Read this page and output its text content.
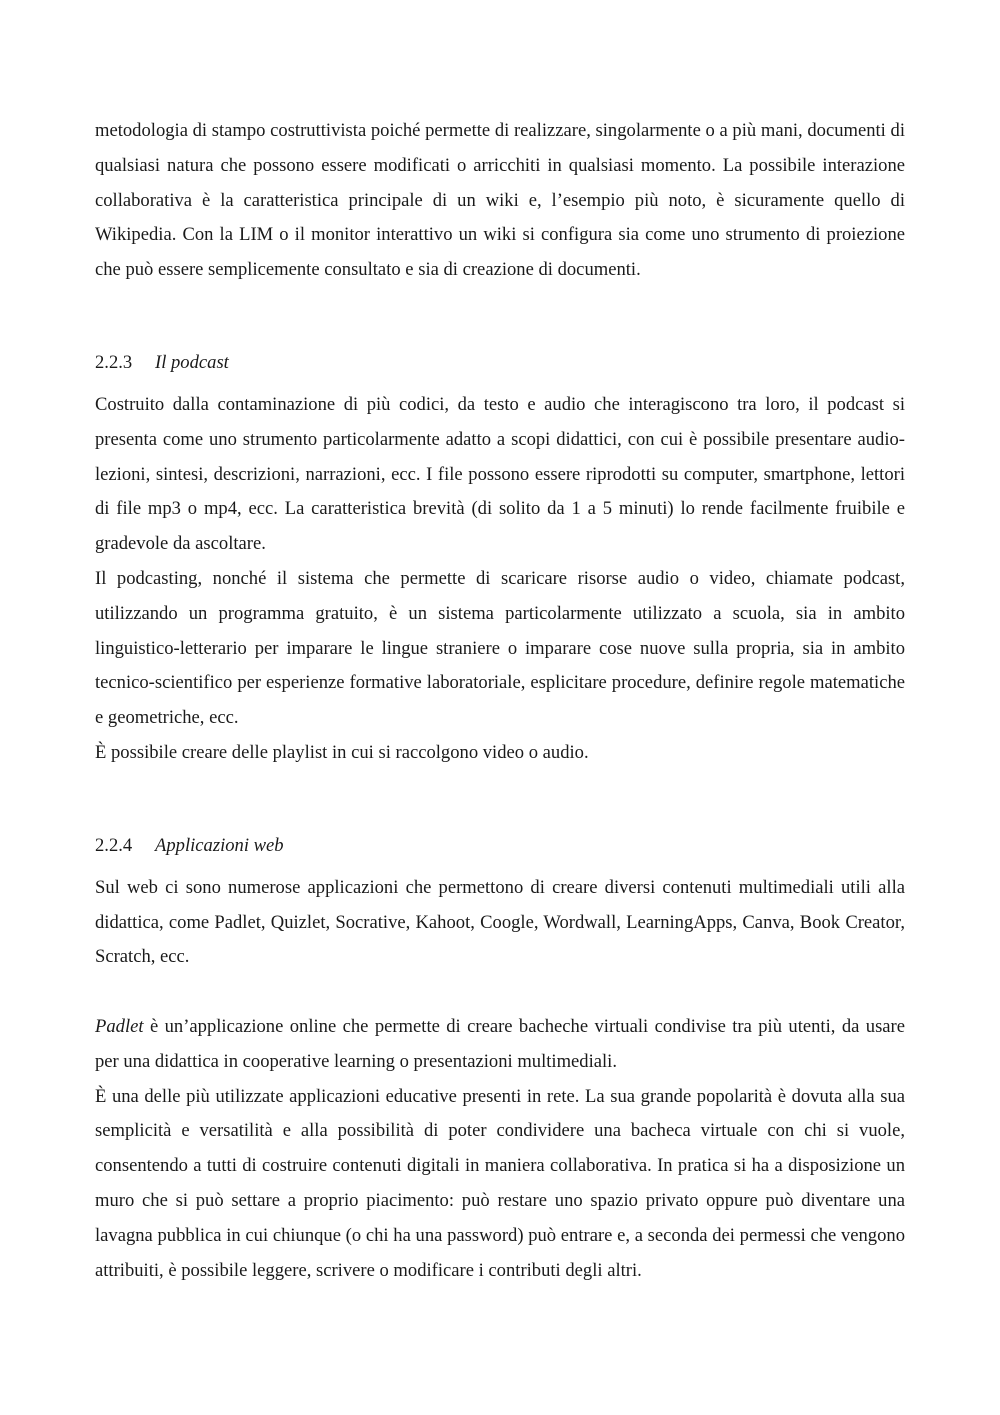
metodologia di stampo costruttivista poiché permette di realizzare, singolarmente o a più mani, documenti di qualsiasi natura che possono essere modificati o arricchiti in qualsiasi momento. La possibile interazione collaborativa è la caratteristica principale di un wiki e, l’esempio più noto, è sicuramente quello di Wikipedia. Con la LIM o il monitor interattivo un wiki si configura sia come uno strumento di proiezione che può essere semplicemente consultato e sia di creazione di documenti.

2.2.3 Il podcast

Costruito dalla contaminazione di più codici, da testo e audio che interagiscono tra loro, il podcast si presenta come uno strumento particolarmente adatto a scopi didattici, con cui è possibile presentare audio-lezioni, sintesi, descrizioni, narrazioni, ecc. I file possono essere riprodotti su computer, smartphone, lettori di file mp3 o mp4, ecc. La caratteristica brevità (di solito da 1 a 5 minuti) lo rende facilmente fruibile e gradevole da ascoltare.

Il podcasting, nonché il sistema che permette di scaricare risorse audio o video, chiamate podcast, utilizzando un programma gratuito, è un sistema particolarmente utilizzato a scuola, sia in ambito linguistico-letterario per imparare le lingue straniere o imparare cose nuove sulla propria, sia in ambito tecnico-scientifico per esperienze formative laboratoriale, esplicitare procedure, definire regole matematiche e geometriche, ecc.

È possibile creare delle playlist in cui si raccolgono video o audio.

2.2.4 Applicazioni web

Sul web ci sono numerose applicazioni che permettono di creare diversi contenuti multimediali utili alla didattica, come Padlet, Quizlet, Socrative, Kahoot, Coogle, Wordwall, LearningApps, Canva, Book Creator, Scratch, ecc.

Padlet è un’applicazione online che permette di creare bacheche virtuali condivise tra più utenti, da usare per una didattica in cooperative learning o presentazioni multimediali.

È una delle più utilizzate applicazioni educative presenti in rete. La sua grande popolarità è dovuta alla sua semplicità e versatilità e alla possibilità di poter condividere una bacheca virtuale con chi si vuole, consentendo a tutti di costruire contenuti digitali in maniera collaborativa. In pratica si ha a disposizione un muro che si può settare a proprio piacimento: può restare uno spazio privato oppure può diventare una lavagna pubblica in cui chiunque (o chi ha una password) può entrare e, a seconda dei permessi che vengono attribuiti, è possibile leggere, scrivere o modificare i contributi degli altri.
